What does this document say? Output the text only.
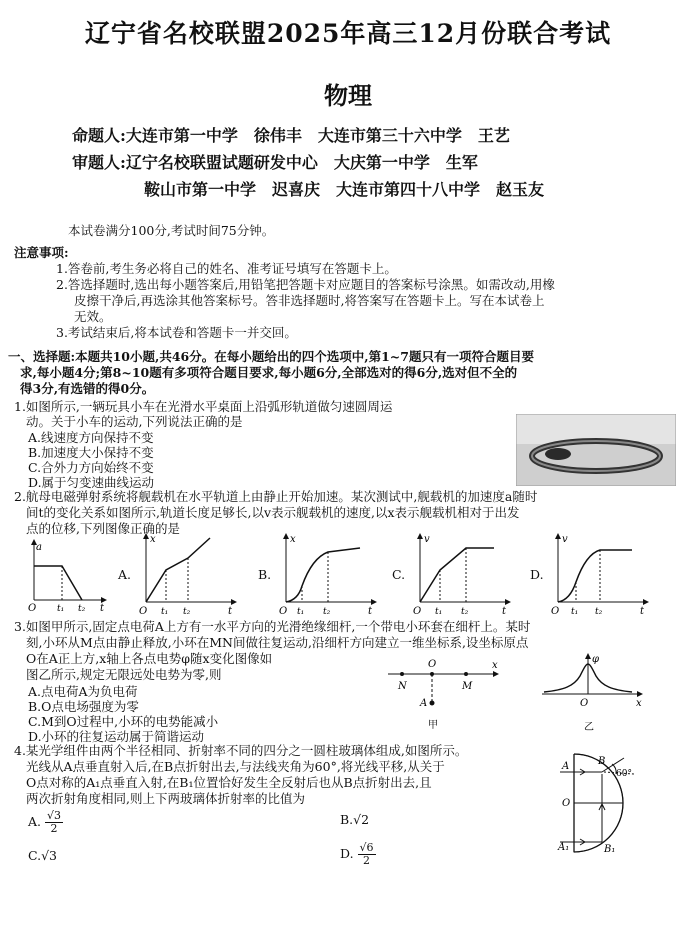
辽宁省名校联盟2025年高三12月份联合考试
物理
命题人:大连市第一中学　徐伟丰　大连市第三十六中学　王艺
审题人:辽宁名校联盟试题研发中心　大庆第一中学　生军
鞍山市第一中学　迟喜庆　大连市第四十八中学　赵玉友
本试卷满分100分,考试时间75分钟。
注意事项:
1.答卷前,考生务必将自己的姓名、准考证号填写在答题卡上。
2.答选择题时,选出每小题答案后,用铅笔把答题卡对应题目的答案标号涂黑。如需改动,用橡
皮擦干净后,再选涂其他答案标号。答非选择题时,将答案写在答题卡上。写在本试卷上
无效。
3.考试结束后,将本试卷和答题卡一并交回。
一、选择题:本题共10小题,共46分。在每小题给出的四个选项中,第1~7题只有一项符合题目要
求,每小题4分;第8~10题有多项符合题目要求,每小题6分,全部选对的得6分,选对但不全的
得3分,有选错的得0分。
1.如图所示,一辆玩具小车在光滑水平桌面上沿弧形轨道做匀速圆周运
动。关于小车的运动,下列说法正确的是
A.线速度方向保持不变
B.加速度大小保持不变
C.合外力方向始终不变
D.属于匀变速曲线运动
2.航母电磁弹射系统将舰载机在水平轨道上由静止开始加速。某次测试中,舰载机的加速度a随时
间t的变化关系如图所示,轨道长度足够长,以v表示舰载机的速度,以x表示舰载机相对于出发
点的位移,下列图像正确的是
a
O t₁ t₂ t
A.
x
O t₁ t₂	t
B.
x
O t₁ t₂	t
C.
v
O t₁ t₂	t
D.
v
O t₁ t₂	t
3.如图甲所示,固定点电荷A上方有一水平方向的光滑绝缘细杆,一个带电小环套在细杆上。某时
刻,小环从M点由静止释放,小环在MN间做往复运动,沿细杆方向建立一维坐标系,设坐标原点
O在A正上方,x轴上各点电势φ随x变化图像如
图乙所示,规定无限远处电势为零,则
A.点电荷A为负电荷
B.O点电场强度为零
C.M到O过程中,小环的电势能减小
D.小环的往复运动属于简谐运动
O
N	M
x
A
甲
φ
O	x
乙
4.某光学组件由两个半径相同、折射率不同的四分之一圆柱玻璃体组成,如图所示。
光线从A点垂直射入后,在B点折射出去,与法线夹角为60°,将光线平移,从关于
O点对称的A₁点垂直入射,在B₁位置恰好发生全反射后也从B点折射出去,且
两次折射角度相同,则上下两玻璃体折射率的比值为
A. $\frac{√3}{2}$	B.√2
C.√3	D. $\frac{√6}{2}$
A	B
60°
O
A₁	B₁
